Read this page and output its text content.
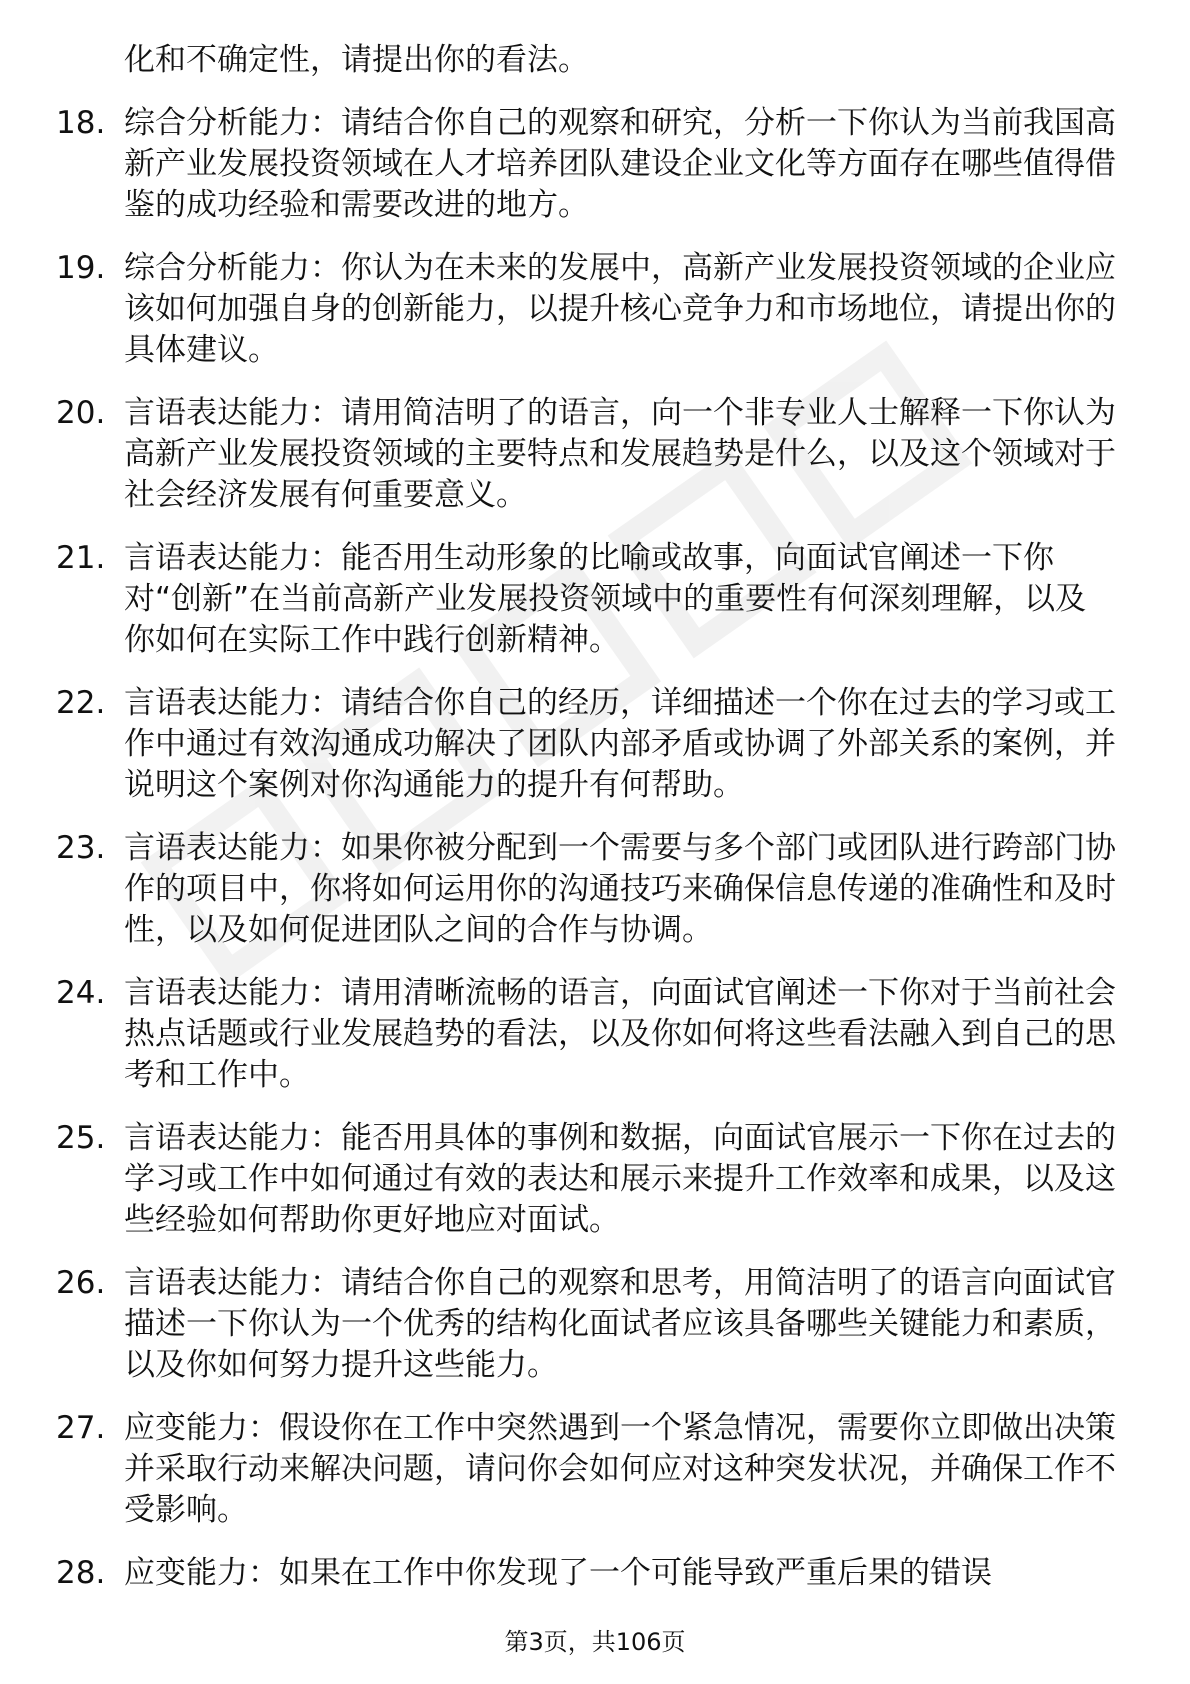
化和不确定性，请提出你的看法。
18. 综合分析能力：请结合你自己的观察和研究，分析一下你认为当前我国高新产业发展投资领域在人才培养团队建设企业文化等方面存在哪些值得借鉴的成功经验和需要改进的地方。
19. 综合分析能力：你认为在未来的发展中，高新产业发展投资领域的企业应该如何加强自身的创新能力，以提升核心竞争力和市场地位，请提出你的具体建议。
20. 言语表达能力：请用简洁明了的语言，向一个非专业人士解释一下你认为高新产业发展投资领域的主要特点和发展趋势是什么，以及这个领域对于社会经济发展有何重要意义。
21. 言语表达能力：能否用生动形象的比喻或故事，向面试官阐述一下你对“创新”在当前高新产业发展投资领域中的重要性有何深刻理解，以及你如何在实际工作中践行创新精神。
22. 言语表达能力：请结合你自己的经历，详细描述一个你在过去的学习或工作中通过有效沟通成功解决了团队内部矛盾或协调了外部关系的案例，并说明这个案例对你沟通能力的提升有何帮助。
23. 言语表达能力：如果你被分配到一个需要与多个部门或团队进行跨部门协作的项目中，你将如何运用你的沟通技巧来确保信息传递的准确性和及时性，以及如何促进团队之间的合作与协调。
24. 言语表达能力：请用清晰流畅的语言，向面试官阐述一下你对于当前社会热点话题或行业发展趋势的看法，以及你如何将这些看法融入到自己的思考和工作中。
25. 言语表达能力：能否用具体的事例和数据，向面试官展示一下你在过去的学习或工作中如何通过有效的表达和展示来提升工作效率和成果，以及这些经验如何帮助你更好地应对面试。
26. 言语表达能力：请结合你自己的观察和思考，用简洁明了的语言向面试官描述一下你认为一个优秀的结构化面试者应该具备哪些关键能力和素质，以及你如何努力提升这些能力。
27. 应变能力：假设你在工作中突然遇到一个紧急情况，需要你立即做出决策并采取行动来解决问题，请问你会如何应对这种突发状况，并确保工作不受影响。
28. 应变能力：如果在工作中你发现了一个可能导致严重后果的错误
第3页，共106页
